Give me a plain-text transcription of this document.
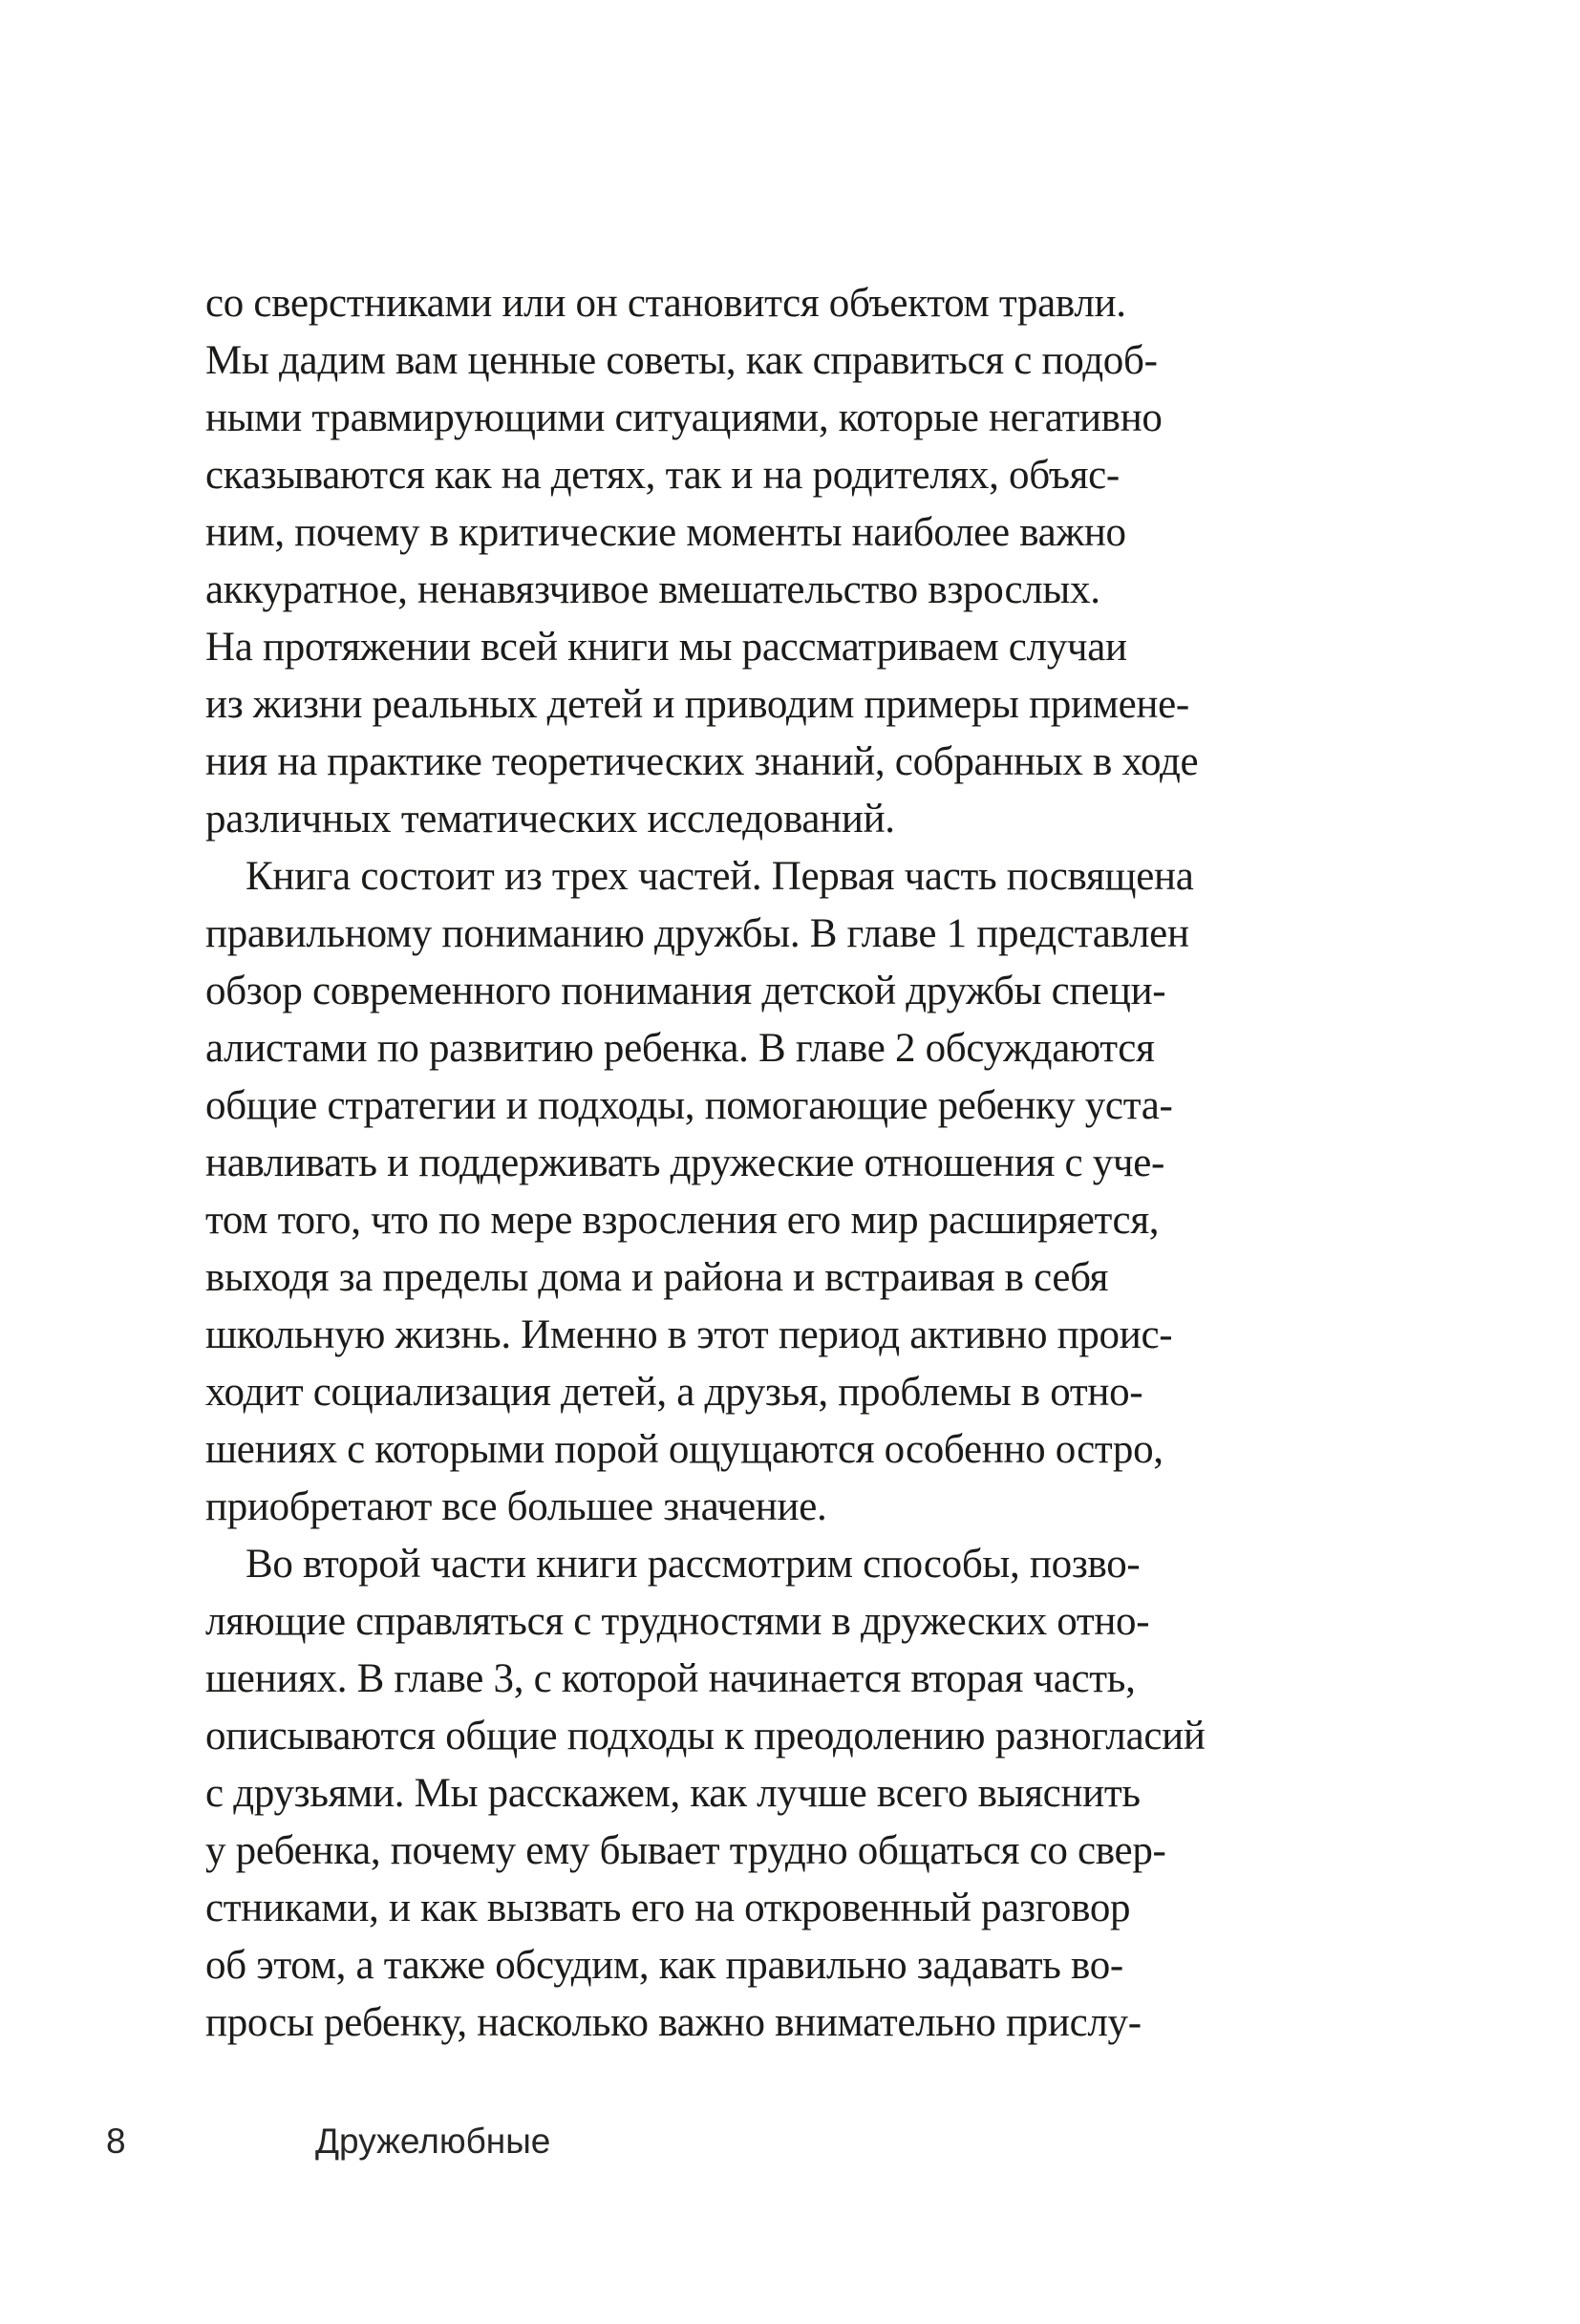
со сверстниками или он становится объектом травли.
Мы дадим вам ценные советы, как справиться с подоб-
ными травмирующими ситуациями, которые негативно
сказываются как на детях, так и на родителях, объяс-
ним, почему в критические моменты наиболее важно
аккуратное, ненавязчивое вмешательство взрослых.
На протяжении всей книги мы рассматриваем случаи
из жизни реальных детей и приводим примеры примене-
ния на практике теоретических знаний, собранных в ходе
различных тематических исследований.
Книга состоит из трех частей. Первая часть посвящена
правильному пониманию дружбы. В главе 1 представлен
обзор современного понимания детской дружбы специ-
алистами по развитию ребенка. В главе 2 обсуждаются
общие стратегии и подходы, помогающие ребенку уста-
навливать и поддерживать дружеские отношения с уче-
том того, что по мере взросления его мир расширяется,
выходя за пределы дома и района и встраивая в себя
школьную жизнь. Именно в этот период активно проис-
ходит социализация детей, а друзья, проблемы в отно-
шениях с которыми порой ощущаются особенно остро,
приобретают все большее значение.
Во второй части книги рассмотрим способы, позво-
ляющие справляться с трудностями в дружеских отно-
шениях. В главе 3, с которой начинается вторая часть,
описываются общие подходы к преодолению разногласий
с друзьями. Мы расскажем, как лучше всего выяснить
у ребенка, почему ему бывает трудно общаться со свер-
стниками, и как вызвать его на откровенный разговор
об этом, а также обсудим, как правильно задавать во-
просы ребенку, насколько важно внимательно прислу-
8	Дружелюбные
